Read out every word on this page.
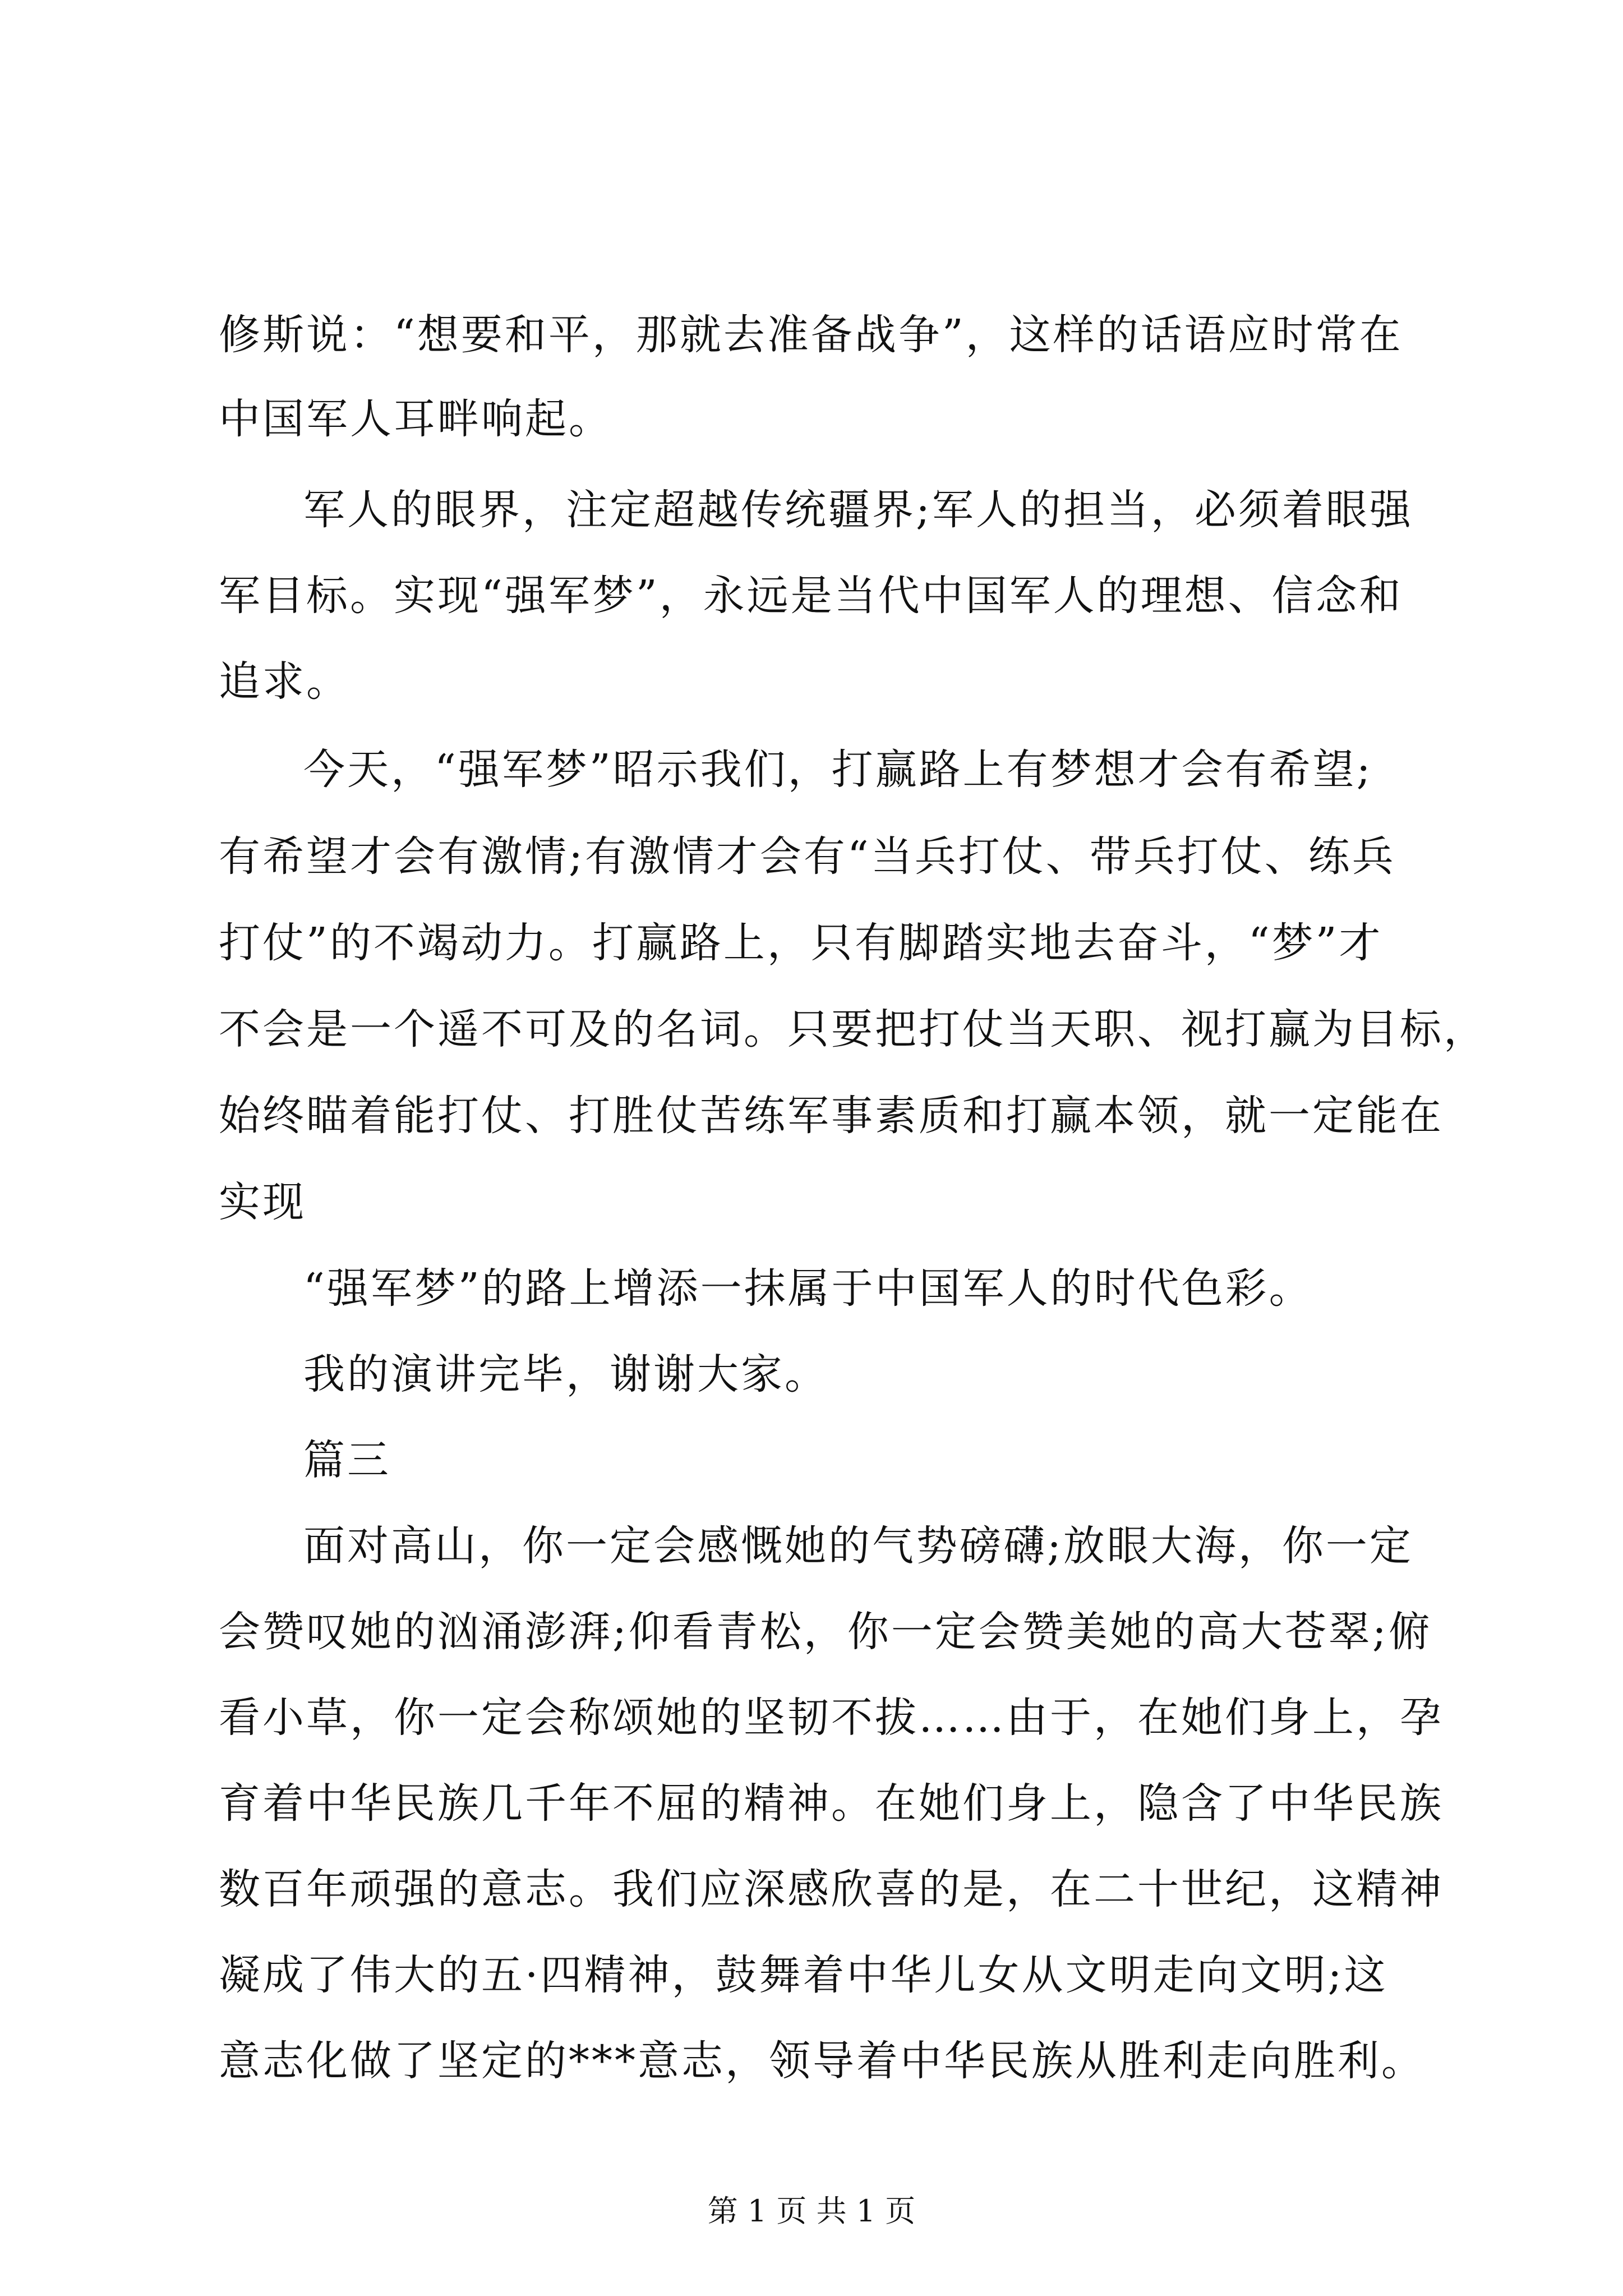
修斯说：“想要和平，那就去准备战争”，这样的话语应时常在
中国军人耳畔响起。
军人的眼界，注定超越传统疆界;军人的担当，必须着眼强
军目标。实现“强军梦”，永远是当代中国军人的理想、信念和
追求。
今天，“强军梦”昭示我们，打赢路上有梦想才会有希望;
有希望才会有激情;有激情才会有“当兵打仗、带兵打仗、练兵
打仗”的不竭动力。打赢路上，只有脚踏实地去奋斗，“梦”才
不会是一个遥不可及的名词。只要把打仗当天职、视打赢为目标，
始终瞄着能打仗、打胜仗苦练军事素质和打赢本领，就一定能在
实现
“强军梦”的路上增添一抹属于中国军人的时代色彩。
我的演讲完毕，谢谢大家。
篇三
面对高山，你一定会感慨她的气势磅礴;放眼大海，你一定
会赞叹她的汹涌澎湃;仰看青松，你一定会赞美她的高大苍翠;俯
看小草，你一定会称颂她的坚韧不拔……由于，在她们身上，孕
育着中华民族几千年不屈的精神。在她们身上，隐含了中华民族
数百年顽强的意志。我们应深感欣喜的是，在二十世纪，这精神
凝成了伟大的五·四精神，鼓舞着中华儿女从文明走向文明;这
意志化做了坚定的***意志，领导着中华民族从胜利走向胜利。
第 1 页 共 1 页
